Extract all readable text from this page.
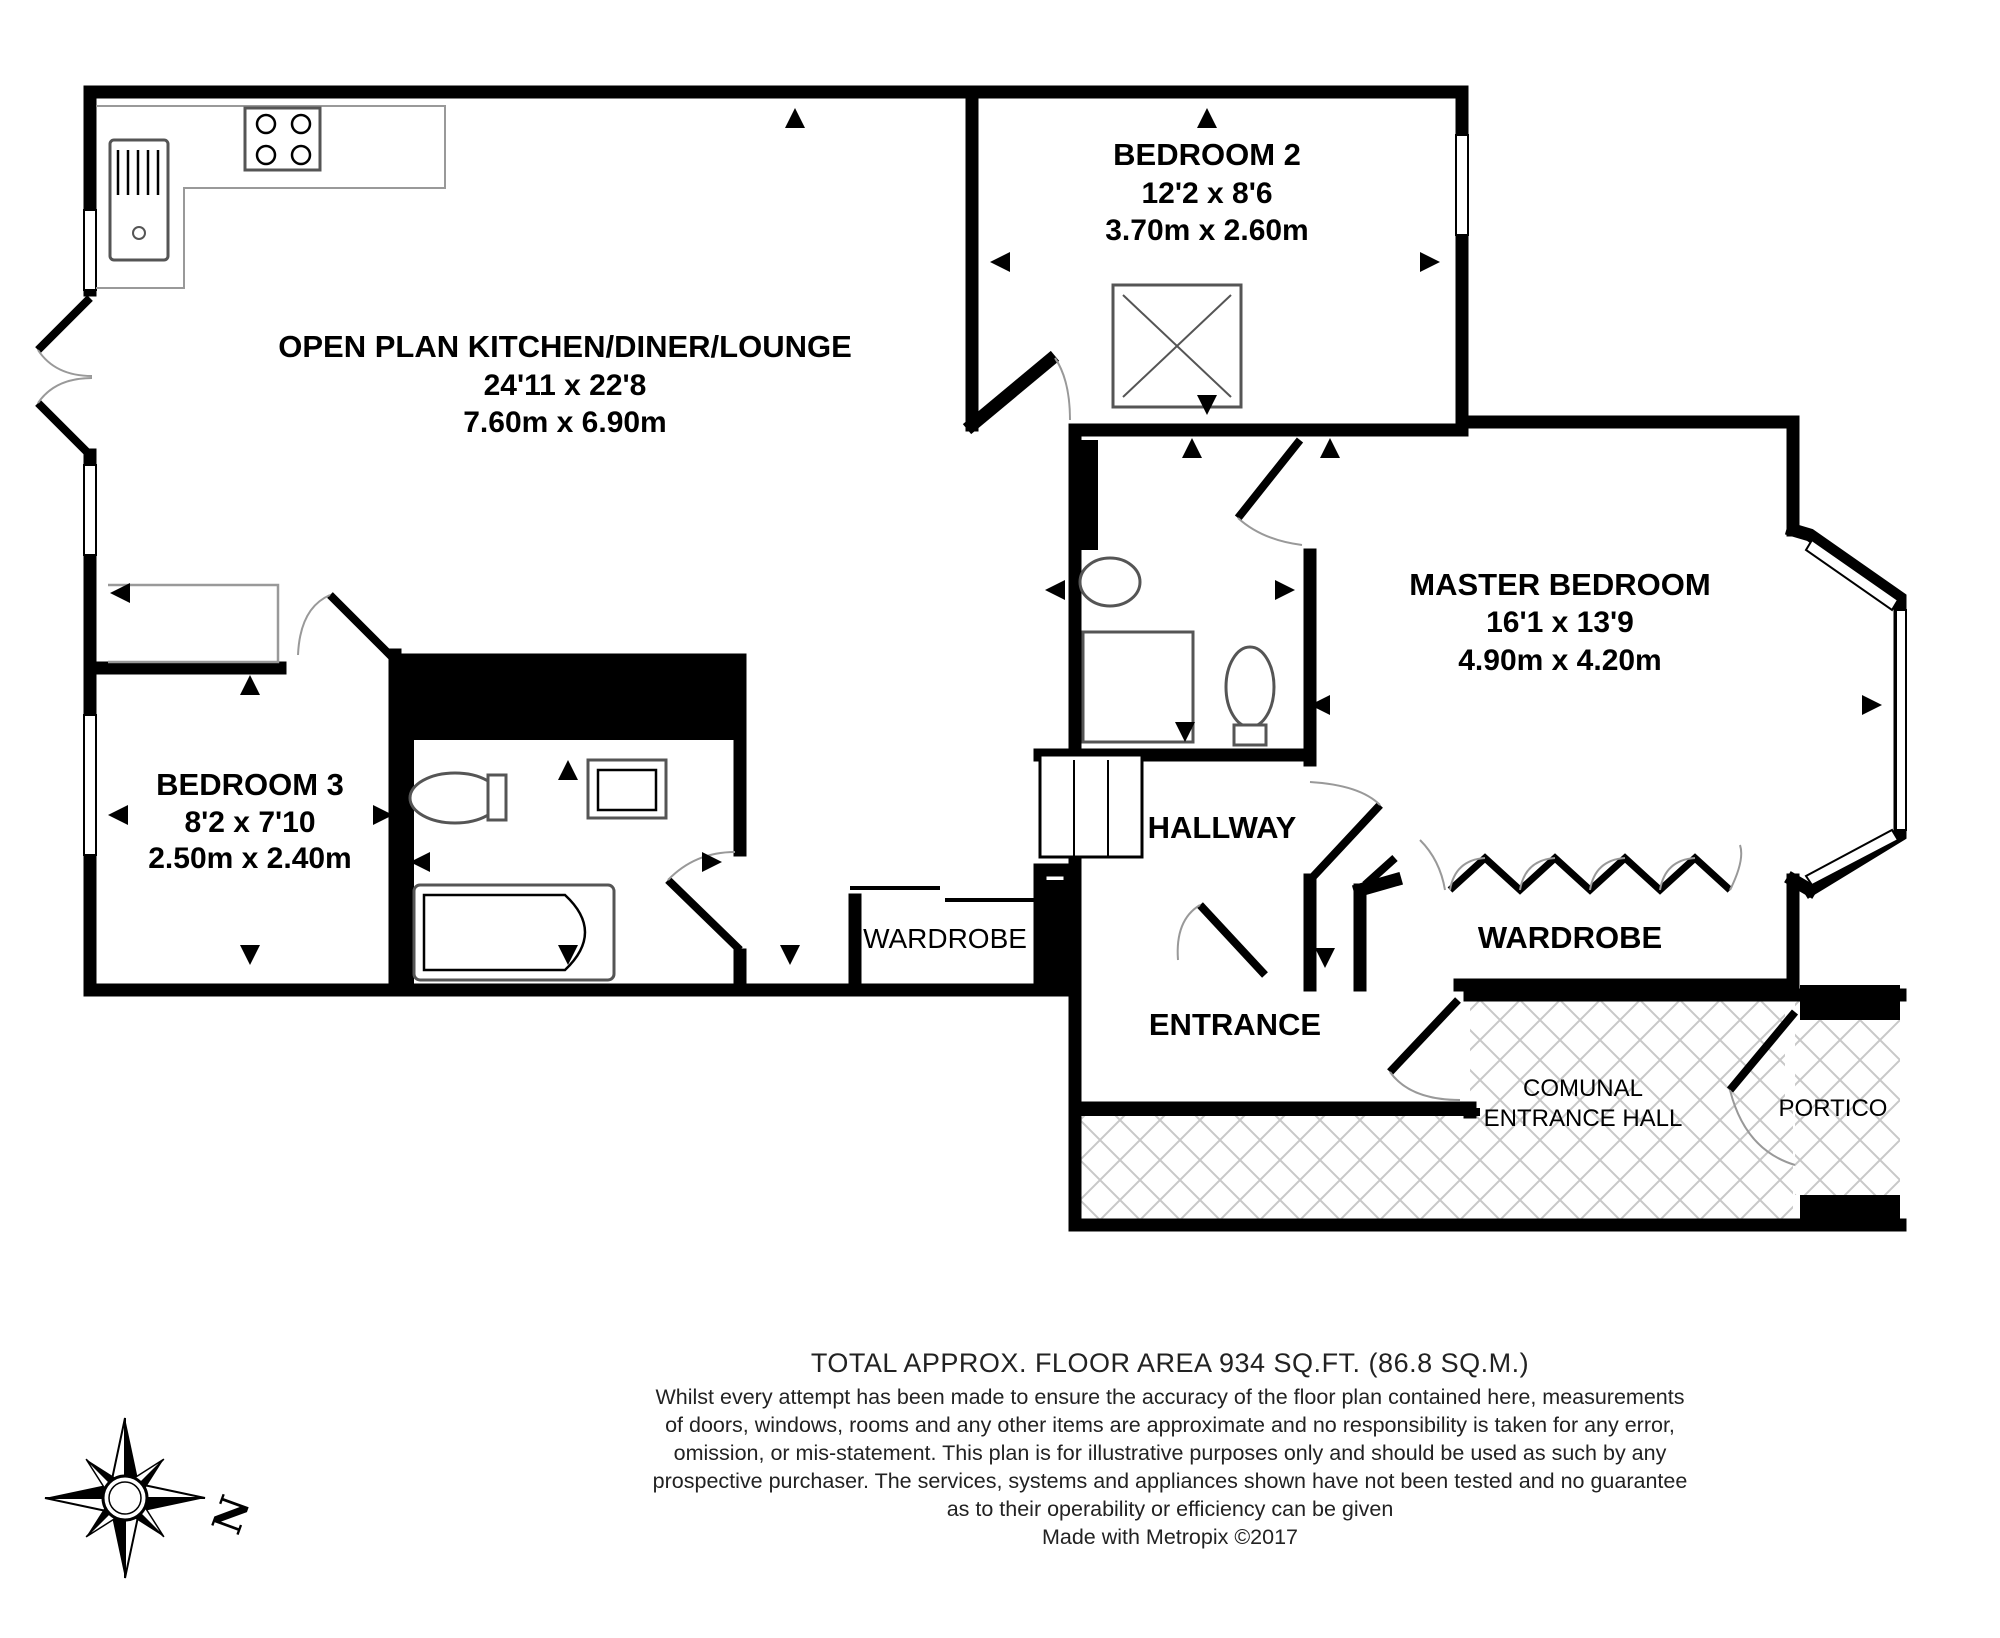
OPEN PLAN KITCHEN/DINER/LOUNGE
24'11 x 22'8
7.60m x 6.90m
BEDROOM 2
12'2 x 8'6
3.70m x 2.60m
MASTER BEDROOM
16'1 x 13'9
4.90m x 4.20m
BEDROOM 3
8'2 x 7'10
2.50m x 2.40m
HALLWAY
WARDROBE
WARDROBE
ENTRANCE
COMUNAL
ENTRANCE HALL	PORTICO
N
TOTAL APPROX. FLOOR AREA 934 SQ.FT. (86.8 SQ.M.)
Whilst every attempt has been made to ensure the accuracy of the floor plan contained here, measurements
of doors, windows, rooms and any other items are approximate and no responsibility is taken for any error,
omission, or mis-statement. This plan is for illustrative purposes only and should be used as such by any
prospective purchaser. The services, systems and appliances shown have not been tested and no guarantee
as to their operability or efficiency can be given
Made with Metropix ©2017
